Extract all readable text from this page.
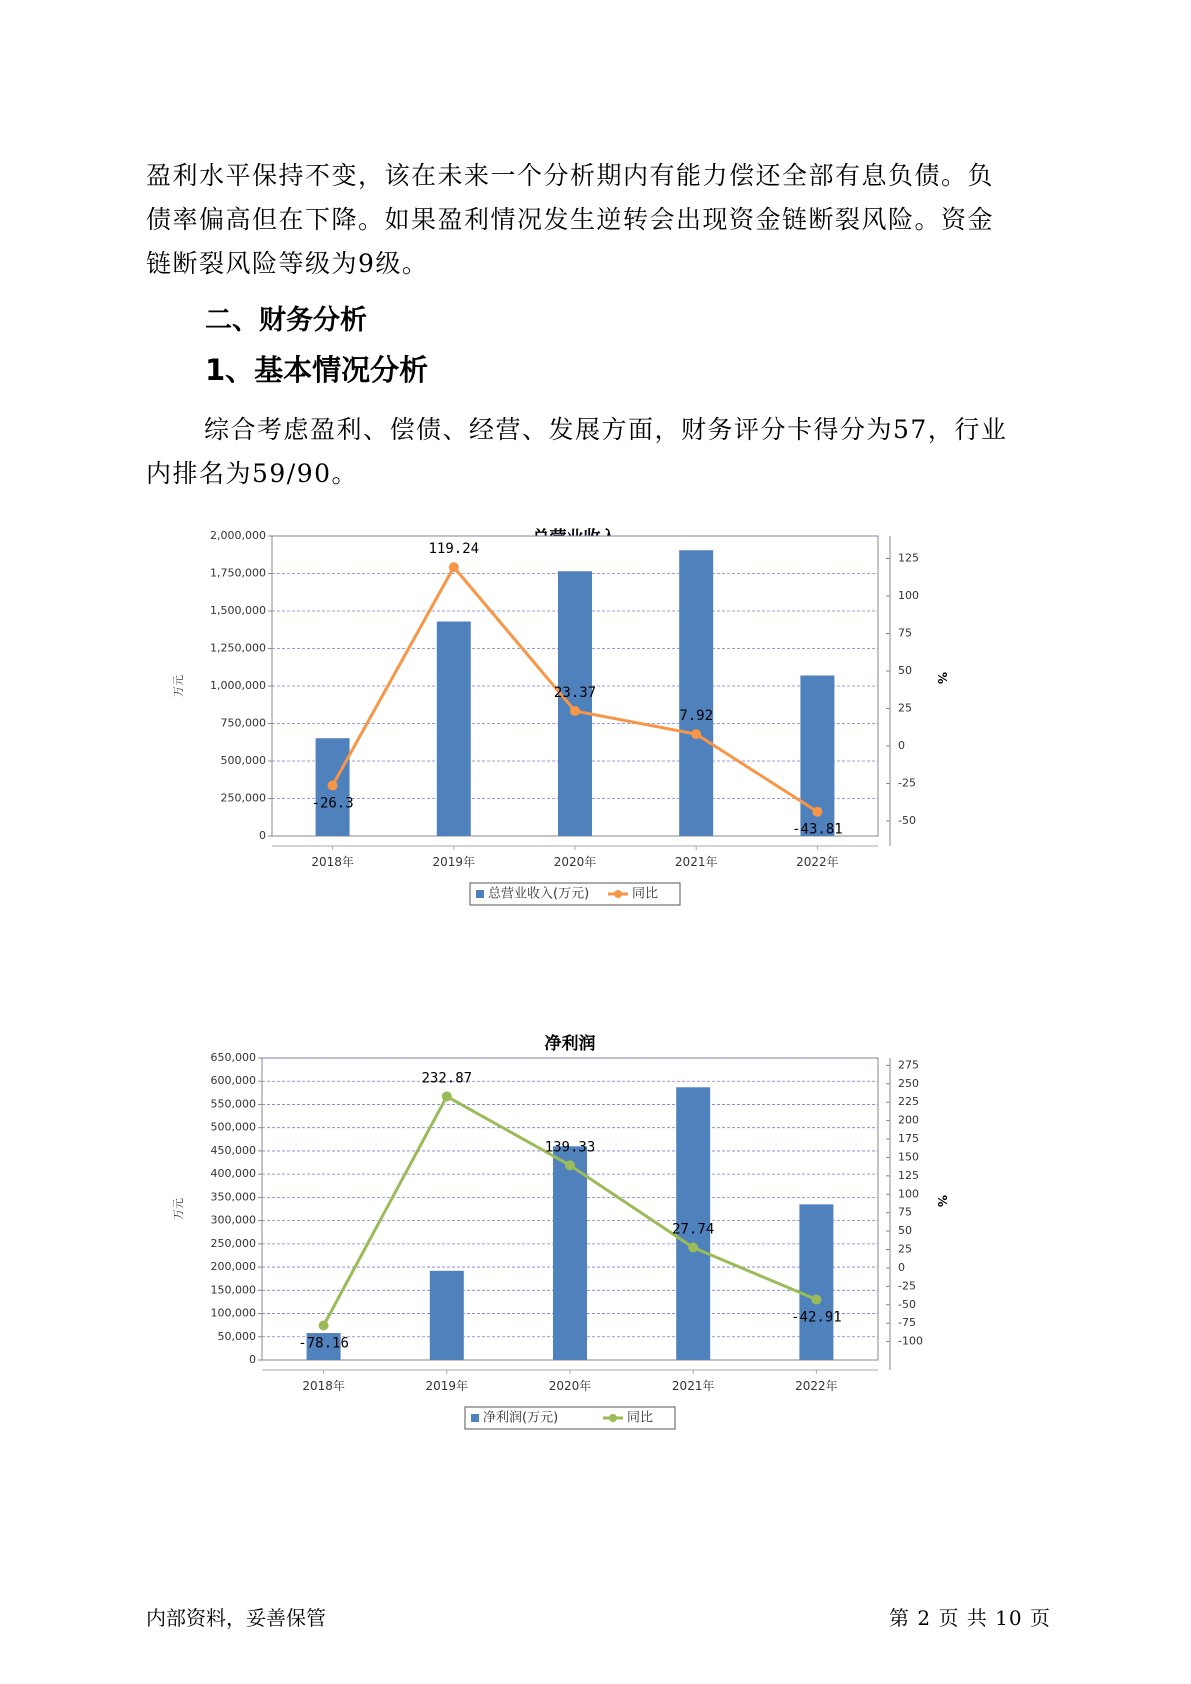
盈利水平保持不变，该在未来一个分析期内有能力偿还全部有息负债。负
债率偏高但在下降。如果盈利情况发生逆转会出现资金链断裂风险。资金
链断裂风险等级为9级。
二、财务分析
1、基本情况分析
综合考虑盈利、偿债、经营、发展方面，财务评分卡得分为57，行业
内排名为59/90。
0
250,000
500,000
750,000
1,000,000
1,250,000
1,500,000
1,750,000
2,000,000
-50
-25
0
25
50
75
100
125
万元	%
2018年	2019年	2020年	2021年	2022年
-26.3
119.24
23.37
7.92
-43.81
总营业收入(万元)	同比
净利润
0
50,000
100,000
150,000
200,000
250,000
300,000
350,000
400,000
450,000
500,000
550,000
600,000
650,000
-100
-75
-50
-25
0
25
50
75
100
125
150
175
200
225
250
275
万元	%
2018年	2019年	2020年	2021年	2022年
-78.16
232.87
139.33
27.74
-42.91
净利润(万元)	同比
内部资料，妥善保管	第 2 页 共 10 页
